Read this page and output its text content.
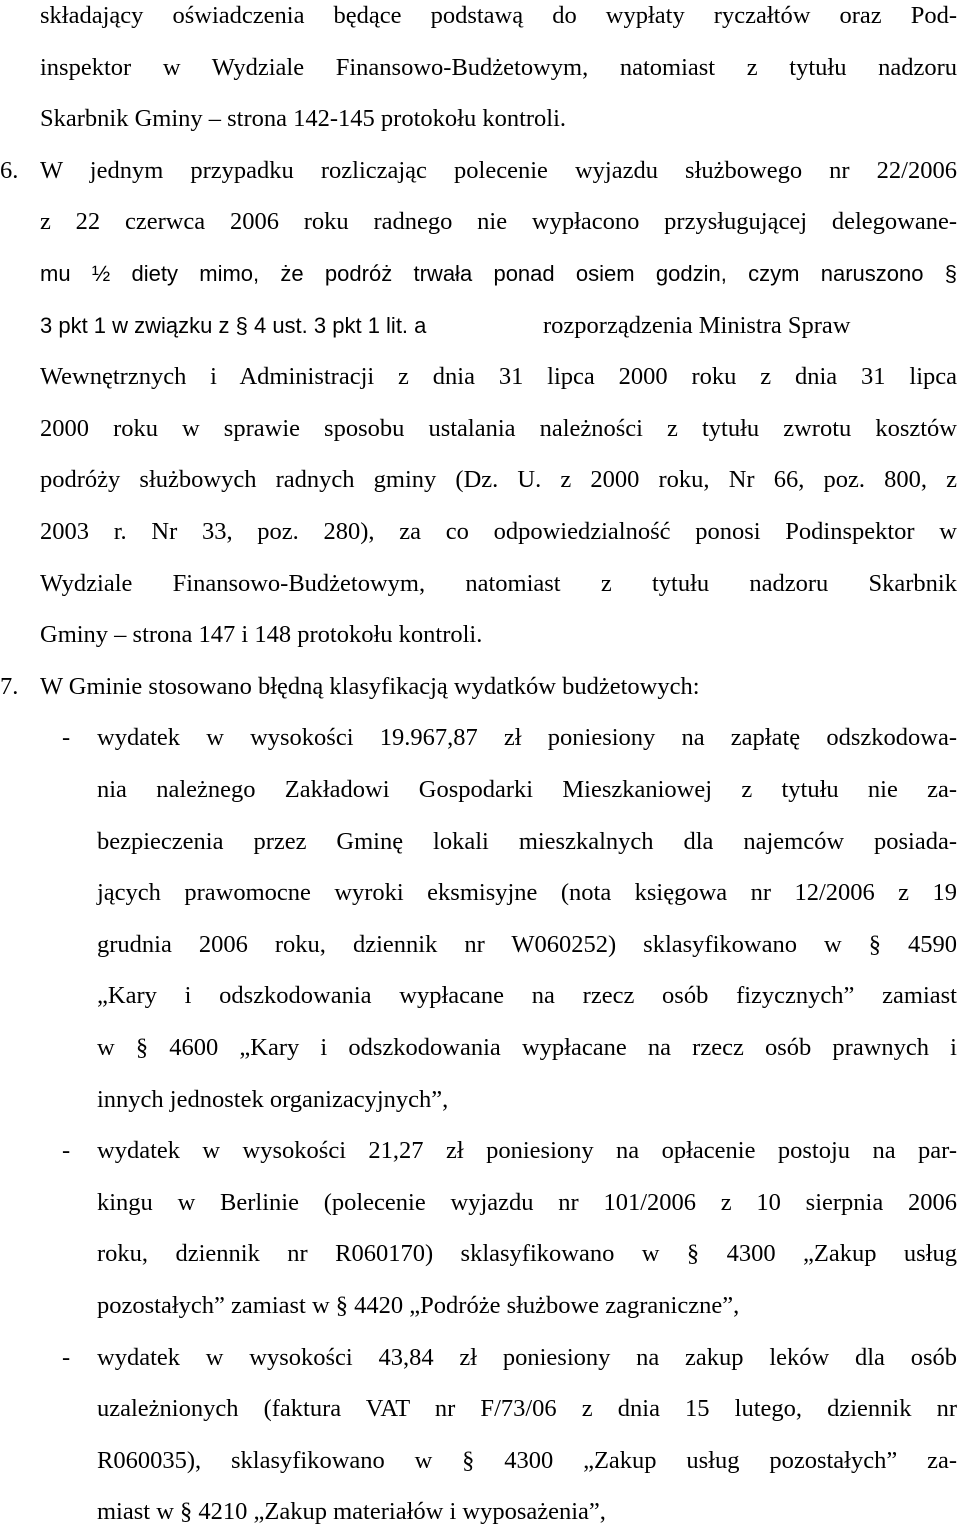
składający oświadczenia będące podstawą do wypłaty ryczałtów oraz Pod-
inspektor w Wydziale Finansowo-Budżetowym, natomiast z tytułu nadzoru
Skarbnik Gminy – strona 142-145 protokołu kontroli.
6. W jednym przypadku rozliczając polecenie wyjazdu służbowego nr 22/2006
z 22 czerwca 2006 roku radnego nie wypłacono przysługującej delegowane-
mu ½ diety mimo, że podróż trwała ponad osiem godzin, czym naruszono §
3 pkt 1 w związku z § 4 ust. 3 pkt 1 lit. a	rozporządzenia Ministra Spraw
Wewnętrznych i Administracji z dnia 31 lipca 2000 roku z dnia 31 lipca
2000 roku w sprawie sposobu ustalania należności z tytułu zwrotu kosztów
podróży służbowych radnych gminy (Dz. U. z 2000 roku, Nr 66, poz. 800, z
2003 r. Nr 33, poz. 280), za co odpowiedzialność ponosi Podinspektor w
Wydziale Finansowo-Budżetowym, natomiast z tytułu nadzoru Skarbnik
Gminy – strona 147 i 148 protokołu kontroli.
7. W Gminie stosowano błędną klasyfikacją wydatków budżetowych:
- wydatek w wysokości 19.967,87 zł poniesiony na zapłatę odszkodowa-
nia należnego Zakładowi Gospodarki Mieszkaniowej z tytułu nie za-
bezpieczenia przez Gminę lokali mieszkalnych dla najemców posiada-
jących prawomocne wyroki eksmisyjne (nota księgowa nr 12/2006 z 19
grudnia 2006 roku, dziennik nr W060252) sklasyfikowano w § 4590
„Kary i odszkodowania wypłacane na rzecz osób fizycznych” zamiast
w § 4600 „Kary i odszkodowania wypłacane na rzecz osób prawnych i
innych jednostek organizacyjnych”,
- wydatek w wysokości 21,27 zł poniesiony na opłacenie postoju na par-
kingu w Berlinie (polecenie wyjazdu nr 101/2006 z 10 sierpnia 2006
roku, dziennik nr R060170) sklasyfikowano w § 4300 „Zakup usług
pozostałych” zamiast w § 4420 „Podróże służbowe zagraniczne”,
- wydatek w wysokości 43,84 zł poniesiony na zakup leków dla osób
uzależnionych (faktura VAT nr F/73/06 z dnia 15 lutego, dziennik nr
R060035), sklasyfikowano w § 4300 „Zakup usług pozostałych” za-
miast w § 4210 „Zakup materiałów i wyposażenia”,
